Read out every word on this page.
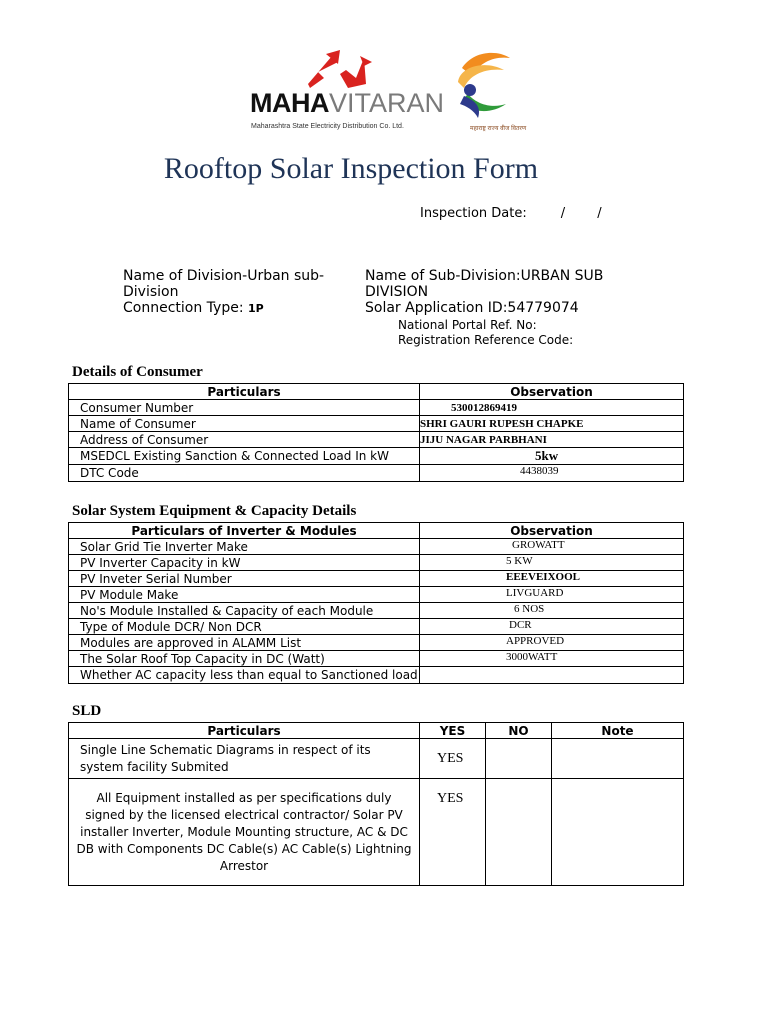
MAHAVITARAN
Maharashtra State Electricity Distribution Co. Ltd.	महाराष्ट्र राज्य वीज वितरण
Rooftop Solar Inspection Form
Inspection Date:	/ /
Name of Division-Urban sub-
Division
Connection Type: 1P
Name of Sub-Division:URBAN SUB
DIVISION
Solar Application ID:54779074
National Portal Ref. No:
Registration Reference Code:
Details of Consumer
Particulars	Observation
Consumer Number	530012869419
Name of Consumer	SHRI GAURI RUPESH CHAPKE
Address of Consumer	JIJU NAGAR PARBHANI
MSEDCL Existing Sanction & Connected Load In kW	5kw
DTC Code	4438039
Solar System Equipment & Capacity Details
Particulars of Inverter & Modules	Observation
Solar Grid Tie Inverter Make	GROWATT
PV Inverter Capacity in kW	5 KW
PV Inveter Serial Number	EEEVEIXOOL
PV Module Make	LIVGUARD
No's Module Installed & Capacity of each Module	6 NOS
Type of Module DCR/ Non DCR	DCR
Modules are approved in ALAMM List	APPROVED
The Solar Roof Top Capacity in DC (Watt)	3000WATT
Whether AC capacity less than equal to Sanctioned load	
SLD
Particulars	YES	NO	Note
Single Line Schematic Diagrams in respect of its system facility Submited	YES		
All Equipment installed as per specifications duly signed by the licensed electrical contractor/ Solar PV installer Inverter, Module Mounting structure, AC & DC DB with Components DC Cable(s) AC Cable(s) Lightning Arrestor	YES		
